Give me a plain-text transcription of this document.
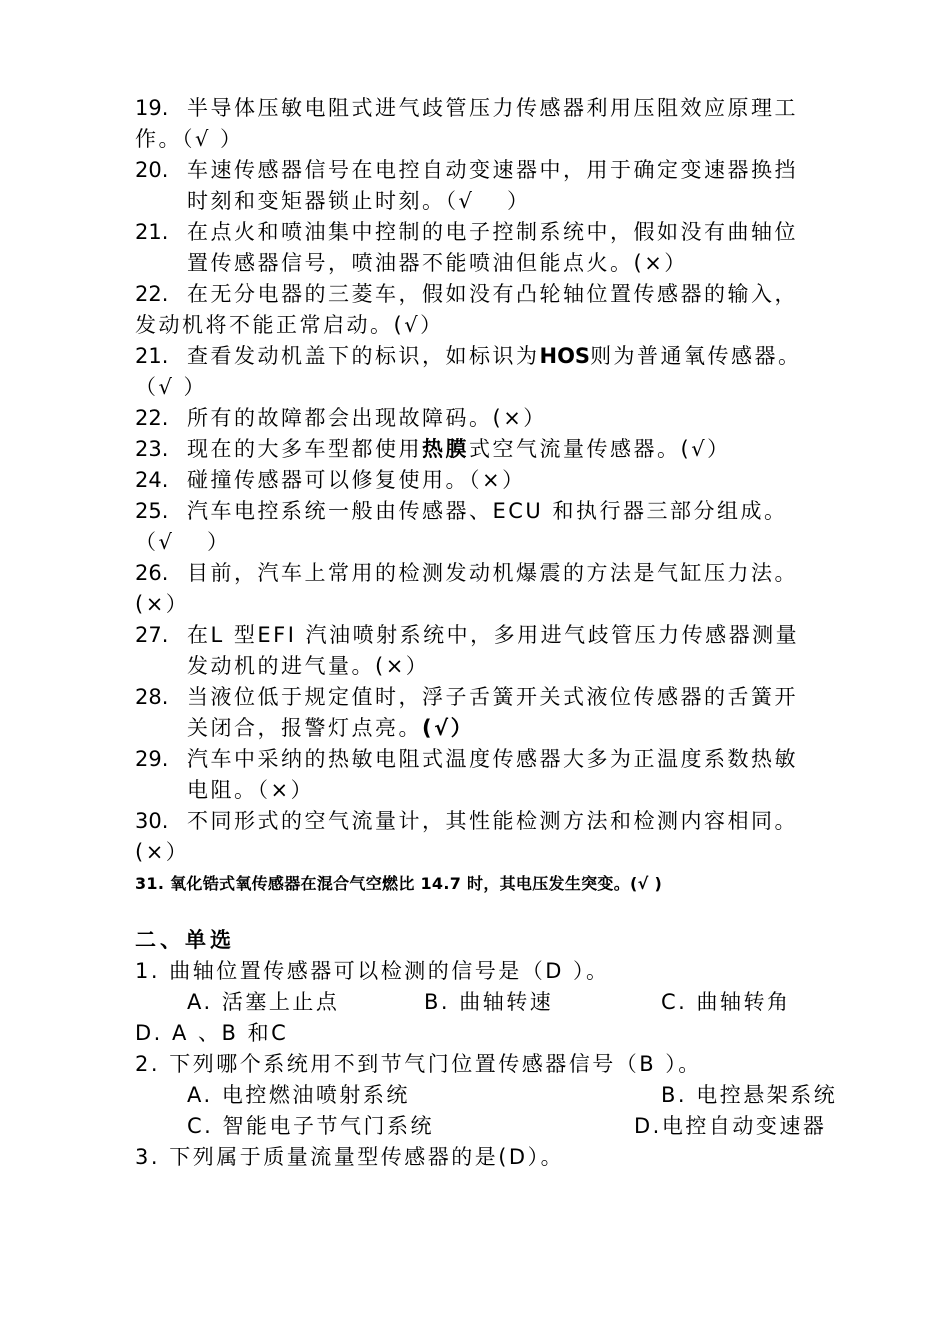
19. 半导体压敏电阻式进气歧管压力传感器利用压阻效应原理工
作。（√ ）
20. 车速传感器信号在电控自动变速器中，用于确定变速器换挡
时刻和变矩器锁止时刻。（√　 ）
21. 在点火和喷油集中控制的电子控制系统中，假如没有曲轴位
置传感器信号，喷油器不能喷油但能点火。(×）
22. 在无分电器的三菱车，假如没有凸轮轴位置传感器的输入，
发动机将不能正常启动。(√）
21. 查看发动机盖下的标识，如标识为HOS则为普通氧传感器。
（√ ）
22. 所有的故障都会出现故障码。(×）
23. 现在的大多车型都使用热膜式空气流量传感器。(√）
24. 碰撞传感器可以修复使用。（×）
25. 汽车电控系统一般由传感器、ECU 和执行器三部分组成。
（√　 ）
26. 目前，汽车上常用的检测发动机爆震的方法是气缸压力法。
(×）
27. 在L 型EFI 汽油喷射系统中，多用进气歧管压力传感器测量
发动机的进气量。(×）
28. 当液位低于规定值时，浮子舌簧开关式液位传感器的舌簧开
关闭合，报警灯点亮。(√）
29. 汽车中采纳的热敏电阻式温度传感器大多为正温度系数热敏
电阻。（×）
30. 不同形式的空气流量计，其性能检测方法和检测内容相同。
(×）
31. 氧化锆式氧传感器在混合气空燃比 14.7 时，其电压发生突变。(√ )
二、单选
1. 曲轴位置传感器可以检测的信号是（D ）。
A. 活塞上止点	B. 曲轴转速	C. 曲轴转角
D. A 、B 和C
2. 下列哪个系统用不到节气门位置传感器信号（B ）。
A. 电控燃油喷射系统	B. 电控悬架系统
C. 智能电子节气门系统	D.电控自动变速器
3. 下列属于质量流量型传感器的是(D）。
